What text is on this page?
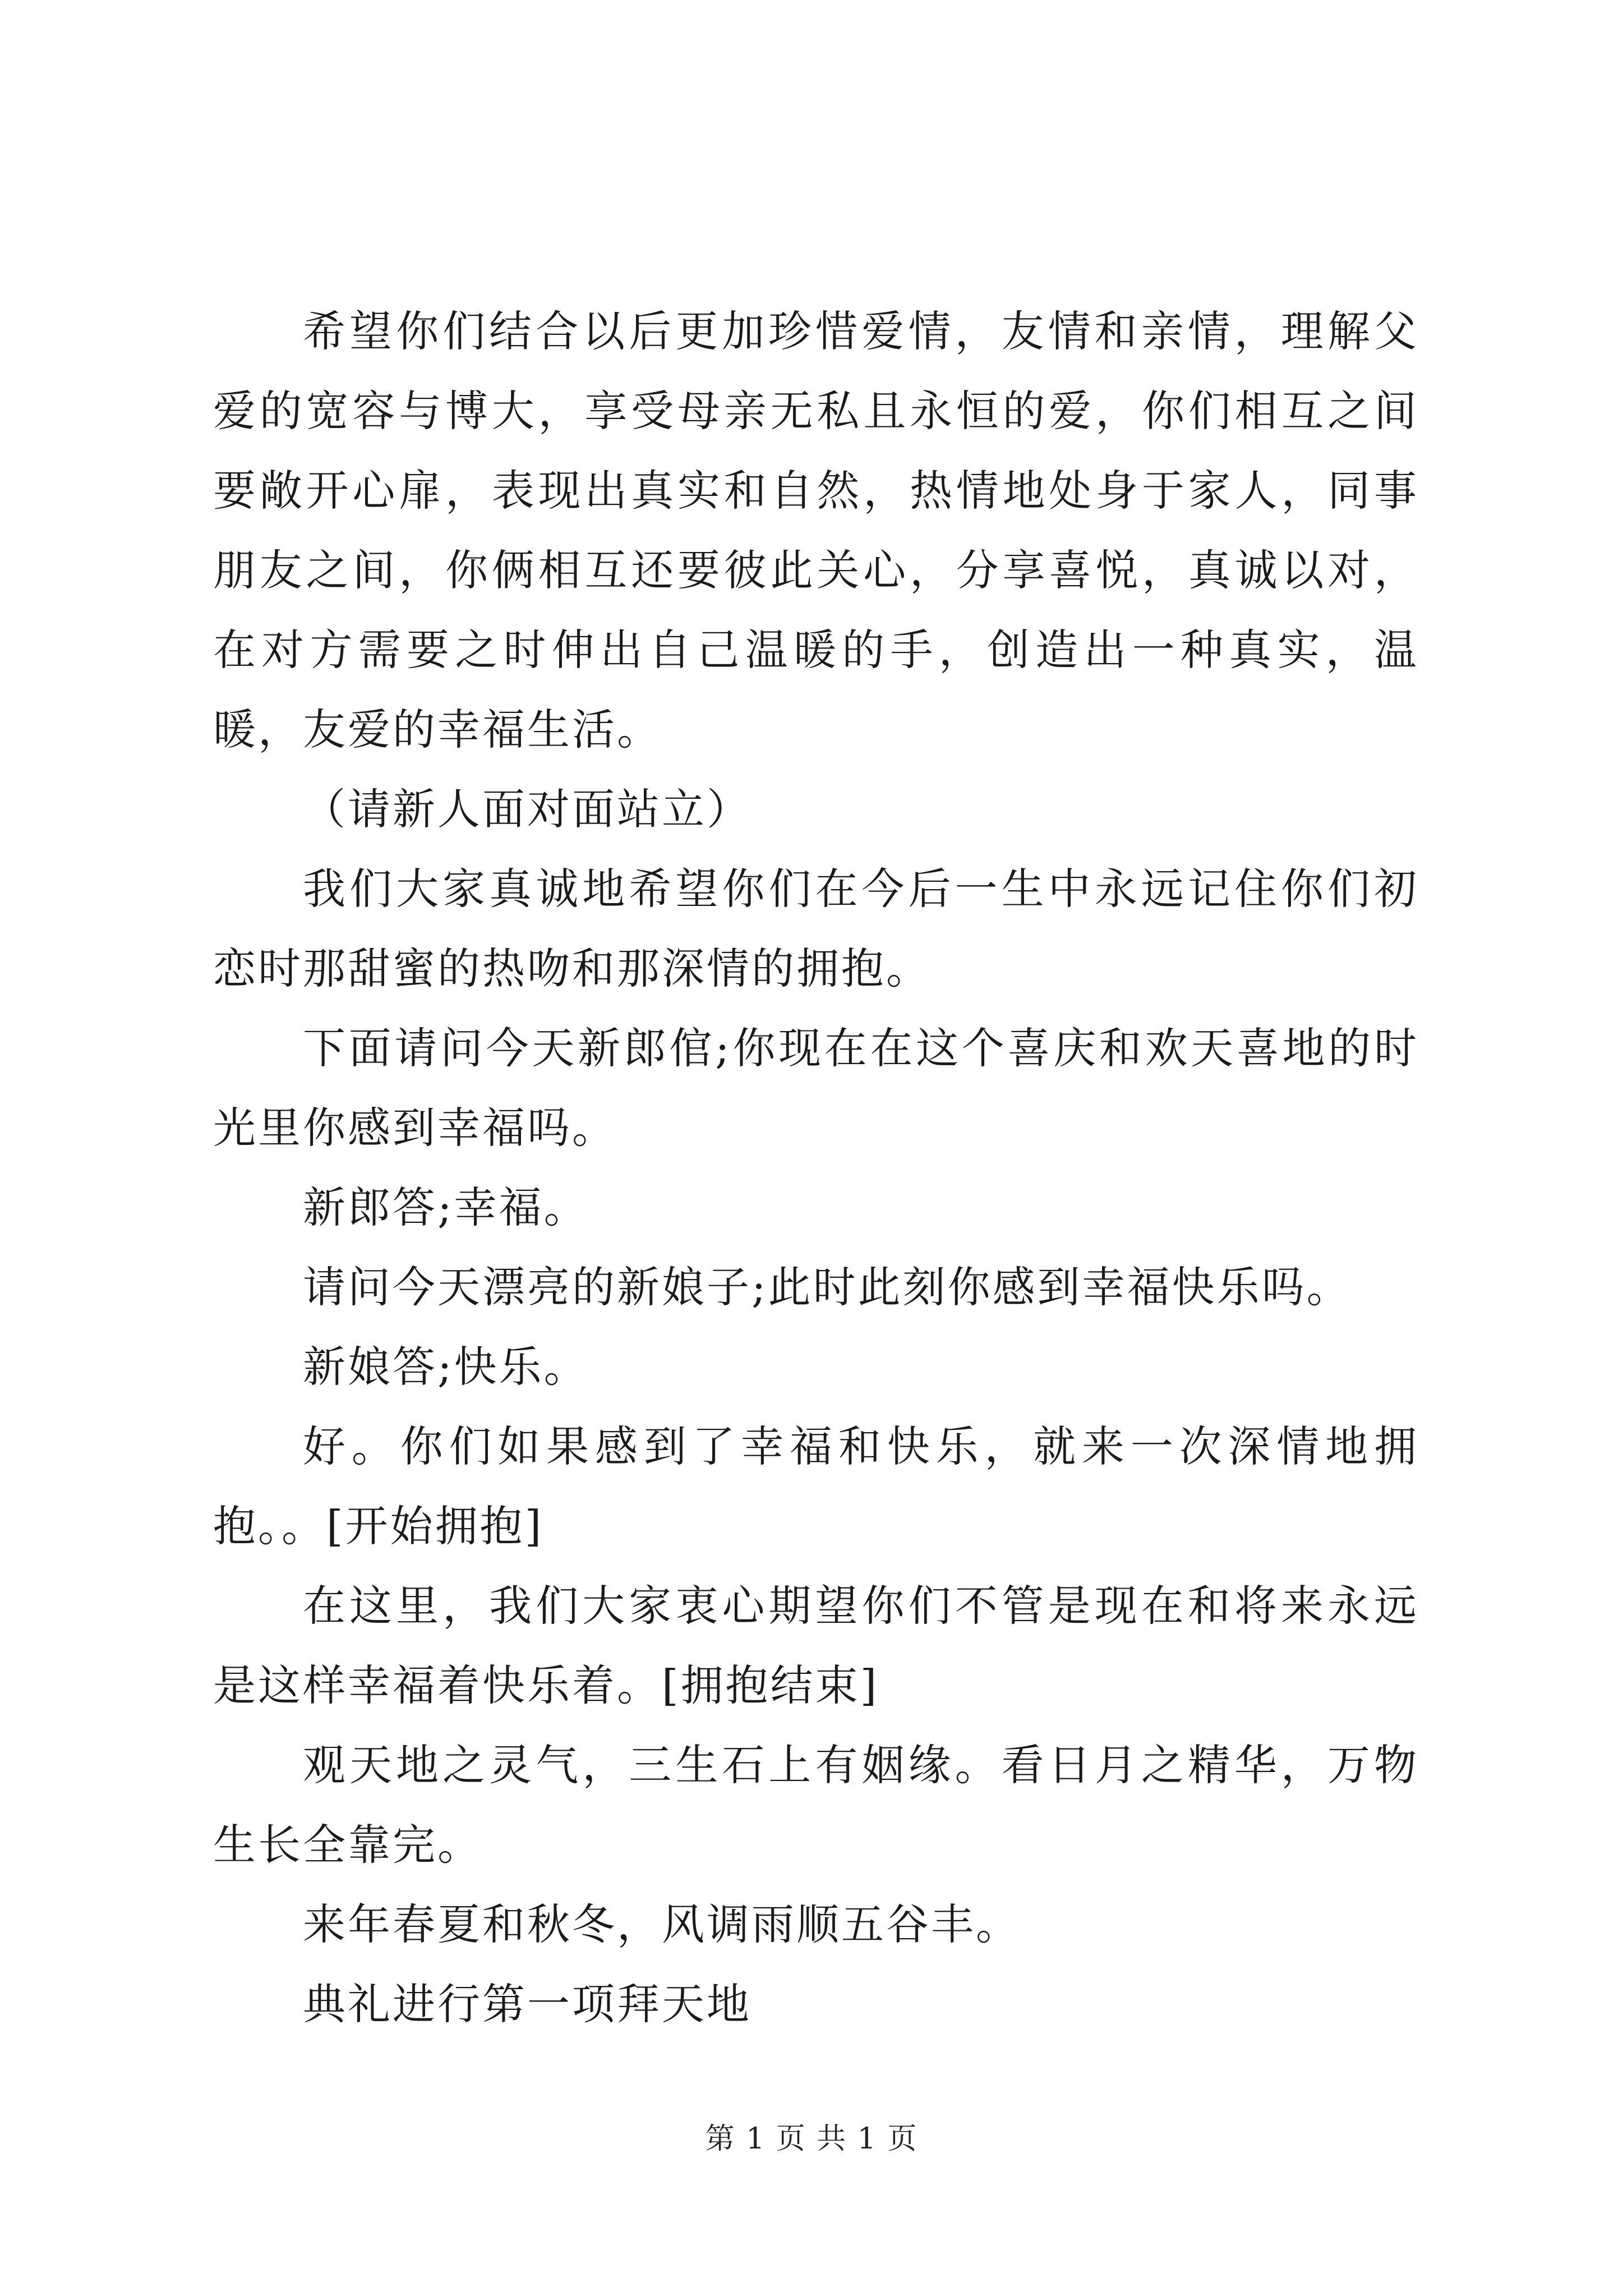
希望你们结合以后更加珍惜爱情，友情和亲情，理解父爱的宽容与博大，享受母亲无私且永恒的爱，你们相互之间要敞开心扉，表现出真实和自然，热情地处身于家人，同事朋友之间，你俩相互还要彼此关心，分享喜悦，真诚以对，在对方需要之时伸出自己温暖的手，创造出一种真实，温暖，友爱的幸福生活。

（请新人面对面站立）

我们大家真诚地希望你们在今后一生中永远记住你们初恋时那甜蜜的热吻和那深情的拥抱。

下面请问今天新郎倌;你现在在这个喜庆和欢天喜地的时光里你感到幸福吗。

新郎答;幸福。

请问今天漂亮的新娘子;此时此刻你感到幸福快乐吗。

新娘答;快乐。

好。你们如果感到了幸福和快乐，就来一次深情地拥抱。。[开始拥抱]

在这里，我们大家衷心期望你们不管是现在和将来永远是这样幸福着快乐着。[拥抱结束]

观天地之灵气，三生石上有姻缘。看日月之精华，万物生长全靠完。

来年春夏和秋冬，风调雨顺五谷丰。

典礼进行第一项拜天地

第 1 页 共 1 页
